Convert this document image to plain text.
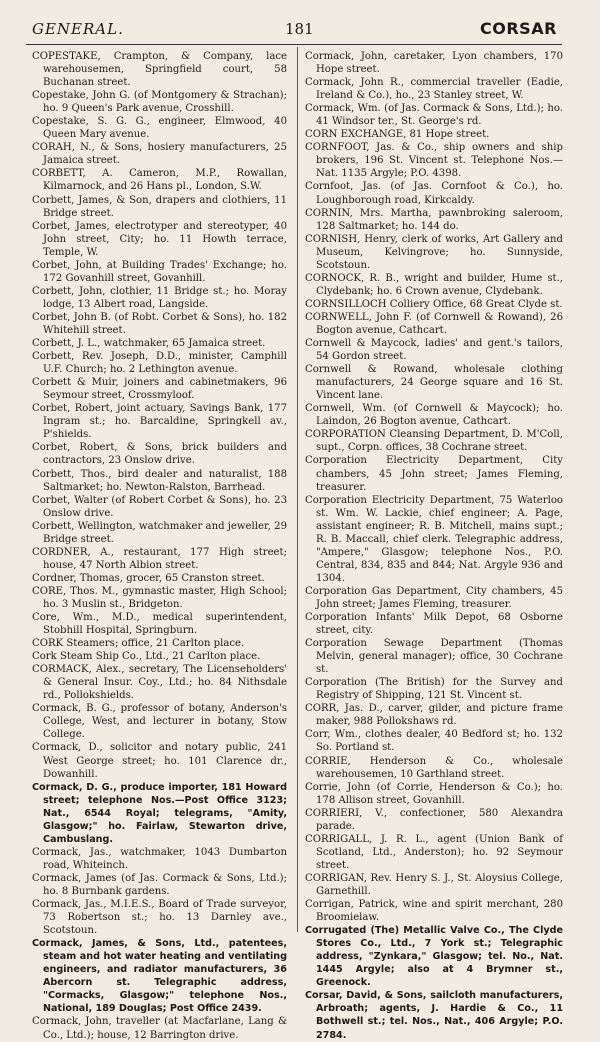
GENERAL.	181	CORSAR

COPESTAKE, Crampton, & Company, lace warehousemen, Springfield court, 58 Buchanan street.

Copestake, John G. (of Montgomery & Strachan); ho. 9 Queen's Park avenue, Crosshill.

Copestake, S. G. G., engineer, Elmwood, 40 Queen Mary avenue.

CORAH, N., & Sons, hosiery manufacturers, 25 Jamaica street.

CORBETT, A. Cameron, M.P., Rowallan, Kilmarnock, and 26 Hans pl., London, S.W.

Corbett, James, & Son, drapers and clothiers, 11 Bridge street.

Corbet, James, electrotyper and stereotyper, 40 John street, City; ho. 11 Howth terrace, Temple, W.

Corbet, John, at Building Trades' Exchange; ho. 172 Govanhill street, Govanhill.

Corbett, John, clothier, 11 Bridge st.; ho. Moray lodge, 13 Albert road, Langside.

Corbet, John B. (of Robt. Corbet & Sons), ho. 182 Whitehill street.

Corbett, J. L., watchmaker, 65 Jamaica street.

Corbett, Rev. Joseph, D.D., minister, Camphill U.F. Church; ho. 2 Lethington avenue.

Corbett & Muir, joiners and cabinetmakers, 96 Seymour street, Crossmyloof.

Corbet, Robert, joint actuary, Savings Bank, 177 Ingram st.; ho. Barcaldine, Springkell av., P'shields.

Corbet, Robert, & Sons, brick builders and contractors, 23 Onslow drive.

Corbett, Thos., bird dealer and naturalist, 188 Saltmarket; ho. Newton-Ralston, Barrhead.

Corbet, Walter (of Robert Corbet & Sons), ho. 23 Onslow drive.

Corbett, Wellington, watchmaker and jeweller, 29 Bridge street.

CORDNER, A., restaurant, 177 High street; house, 47 North Albion street.

Cordner, Thomas, grocer, 65 Cranston street.

CORE, Thos. M., gymnastic master, High School; ho. 3 Muslin st., Bridgeton.

Core, Wm., M.D., medical superintendent, Stobhill Hospital, Springburn.

CORK Steamers; office, 21 Carlton place.

Cork Steam Ship Co., Ltd., 21 Carlton place.

CORMACK, Alex., secretary, The Licenseholders' & General Insur. Coy., Ltd.; ho. 84 Nithsdale rd., Pollokshields.

Cormack, B. G., professor of botany, Anderson's College, West, and lecturer in botany, Stow College.

Cormack, D., solicitor and notary public, 241 West George street; ho. 101 Clarence dr., Dowanhill.

Cormack, D. G., produce importer, 181 Howard street; telephone Nos.—Post Office 3123; Nat., 6544 Royal; telegrams, "Amity, Glasgow;" ho. Fairlaw, Stewarton drive, Cambuslang.

Cormack, Jas., watchmaker, 1043 Dumbarton road, Whiteinch.

Cormack, James (of Jas. Cormack & Sons, Ltd.); ho. 8 Burnbank gardens.

Cormack, Jas., M.I.E.S., Board of Trade surveyor, 73 Robertson st.; ho. 13 Darnley ave., Scotstoun.

Cormack, James, & Sons, Ltd., patentees, steam and hot water heating and ventilating engineers, and radiator manufacturers, 36 Abercorn st. Telegraphic address, "Cormacks, Glasgow;" telephone Nos., National, 189 Douglas; Post Office 2439.

Cormack, John, traveller (at Macfarlane, Lang & Co., Ltd.); house, 12 Barrington drive.

Cormack, John, caretaker, Lyon chambers, 170 Hope street.

Cormack, John R., commercial traveller (Eadie, Ireland & Co.), ho., 23 Stanley street, W.

Cormack, Wm. (of Jas. Cormack & Sons, Ltd.); ho. 41 Windsor ter., St. George's rd.

CORN EXCHANGE, 81 Hope street.

CORNFOOT, Jas. & Co., ship owners and ship brokers, 196 St. Vincent st. Telephone Nos.—Nat. 1135 Argyle; P.O. 4398.

Cornfoot, Jas. (of Jas. Cornfoot & Co.), ho. Loughborough road, Kirkcaldy.

CORNIN, Mrs. Martha, pawnbroking saleroom, 128 Saltmarket; ho. 144 do.

CORNISH, Henry, clerk of works, Art Gallery and Museum, Kelvingrove; ho. Sunnyside, Scotstoun.

CORNOCK, R. B., wright and builder, Hume st., Clydebank; ho. 6 Crown avenue, Clydebank.

CORNSILLOCH Colliery Office, 68 Great Clyde st.

CORNWELL, John F. (of Cornwell & Rowand), 26 Bogton avenue, Cathcart.

Cornwell & Maycock, ladies' and gent.'s tailors, 54 Gordon street.

Cornwell & Rowand, wholesale clothing manufacturers, 24 George square and 16 St. Vincent lane.

Cornwell, Wm. (of Cornwell & Maycock); ho. Laindon, 26 Bogton avenue, Cathcart.

CORPORATION Cleansing Department, D. M'Coll, supt., Corpn. offices, 38 Cochrane street.

Corporation Electricity Department, City chambers, 45 John street; James Fleming, treasurer.

Corporation Electricity Department, 75 Waterloo st. Wm. W. Lackie, chief engineer; A. Page, assistant engineer; R. B. Mitchell, mains supt.; R. B. Maccall, chief clerk. Telegraphic address, "Ampere," Glasgow; telephone Nos., P.O. Central, 834, 835 and 844; Nat. Argyle 936 and 1304.

Corporation Gas Department, City chambers, 45 John street; James Fleming, treasurer.

Corporation Infants' Milk Depot, 68 Osborne street, city.

Corporation Sewage Department (Thomas Melvin, general manager); office, 30 Cochrane st.

Corporation (The British) for the Survey and Registry of Shipping, 121 St. Vincent st.

CORR, Jas. D., carver, gilder, and picture frame maker, 988 Pollokshaws rd.

Corr, Wm., clothes dealer, 40 Bedford st; ho. 132 So. Portland st.

CORRIE, Henderson & Co., wholesale warehousemen, 10 Garthland street.

Corrie, John (of Corrie, Henderson & Co.); ho. 178 Allison street, Govanhill.

CORRIERI, V., confectioner, 580 Alexandra parade.

CORRIGALL, J. R. L., agent (Union Bank of Scotland, Ltd., Anderston); ho. 92 Seymour street.

CORRIGAN, Rev. Henry S. J., St. Aloysius College, Garnethill.

Corrigan, Patrick, wine and spirit merchant, 280 Broomielaw.

Corrugated (The) Metallic Valve Co., The Clyde Stores Co., Ltd., 7 York st.; Telegraphic address, "Zynkara," Glasgow; tel. No., Nat. 1445 Argyle; also at 4 Brymner st., Greenock.

Corsar, David, & Sons, sailcloth manufacturers, Arbroath; agents, J. Hardie & Co., 11 Bothwell st.; tel. Nos., Nat., 406 Argyle; P.O. 2784.
